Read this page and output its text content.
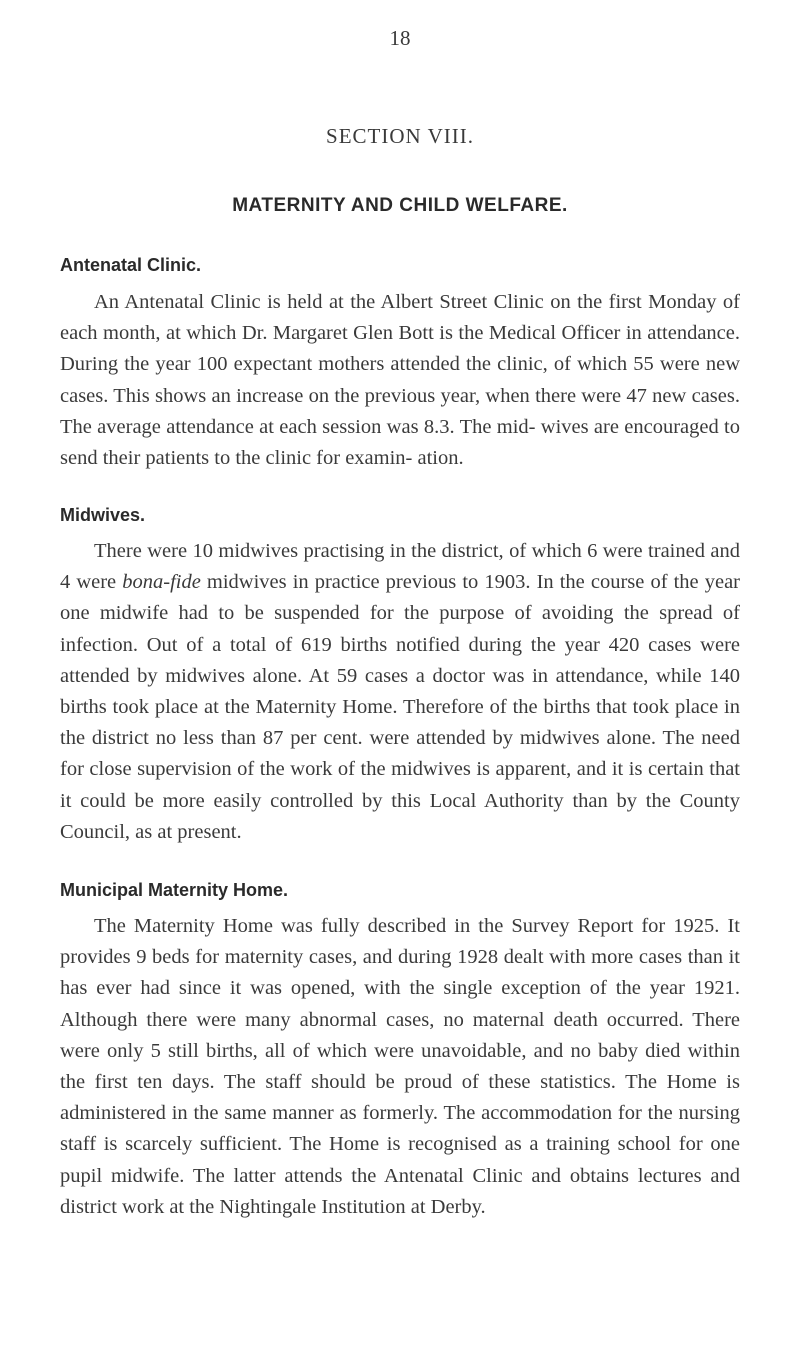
18
SECTION VIII.
MATERNITY AND CHILD WELFARE.
Antenatal Clinic.

An Antenatal Clinic is held at the Albert Street Clinic on the first Monday of each month, at which Dr. Margaret Glen Bott is the Medical Officer in attendance. During the year 100 expectant mothers attended the clinic, of which 55 were new cases. This shows an increase on the previous year, when there were 47 new cases. The average attendance at each session was 8.3. The mid- wives are encouraged to send their patients to the clinic for examin- ation.

Midwives.

There were 10 midwives practising in the district, of which 6 were trained and 4 were bona-fide midwives in practice previous to 1903. In the course of the year one midwife had to be suspended for the purpose of avoiding the spread of infection. Out of a total of 619 births notified during the year 420 cases were attended by midwives alone. At 59 cases a doctor was in attendance, while 140 births took place at the Maternity Home. Therefore of the births that took place in the district no less than 87 per cent. were attended by midwives alone. The need for close supervision of the work of the midwives is apparent, and it is certain that it could be more easily controlled by this Local Authority than by the County Council, as at present.

Municipal Maternity Home.

The Maternity Home was fully described in the Survey Report for 1925. It provides 9 beds for maternity cases, and during 1928 dealt with more cases than it has ever had since it was opened, with the single exception of the year 1921. Although there were many abnormal cases, no maternal death occurred. There were only 5 still births, all of which were unavoidable, and no baby died within the first ten days. The staff should be proud of these statistics. The Home is administered in the same manner as formerly. The accommodation for the nursing staff is scarcely sufficient. The Home is recognised as a training school for one pupil midwife. The latter attends the Antenatal Clinic and obtains lectures and district work at the Nightingale Institution at Derby.
